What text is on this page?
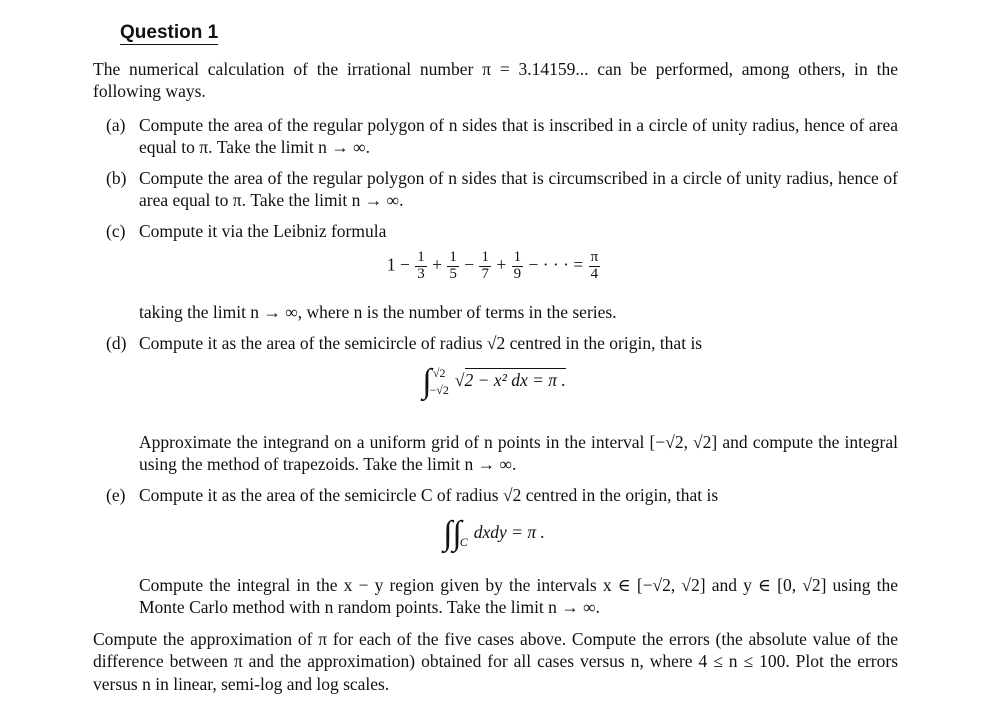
Question 1
The numerical calculation of the irrational number π = 3.14159... can be performed, among others, in the following ways.
(a) Compute the area of the regular polygon of n sides that is inscribed in a circle of unity radius, hence of area equal to π. Take the limit n → ∞.
(b) Compute the area of the regular polygon of n sides that is circumscribed in a circle of unity radius, hence of area equal to π. Take the limit n → ∞.
(c) Compute it via the Leibniz formula
$1 - \frac{1}{3} + \frac{1}{5} - \frac{1}{7} + \frac{1}{9}$ − · · · = $\frac{\pi}{4}$
taking the limit n → ∞, where n is the number of terms in the series.
(d) Compute it as the area of the semicircle of radius √2 centred in the origin, that is
∫ √2
−√2 √2 − x² dx = π .
Approximate the integrand on a uniform grid of n points in the interval [−√2, √2] and compute the integral using the method of trapezoids. Take the limit n → ∞.
(e) Compute it as the area of the semicircle C of radius √2 centred in the origin, that is
∫∫
C dxdy = π .
Compute the integral in the x − y region given by the intervals x ∈ [−√2, √2] and y ∈ [0, √2] using the Monte Carlo method with n random points. Take the limit n → ∞.
Compute the approximation of π for each of the five cases above. Compute the errors (the absolute value of the difference between π and the approximation) obtained for all cases versus n, where 4 ≤ n ≤ 100. Plot the errors versus n in linear, semi-log and log scales.
